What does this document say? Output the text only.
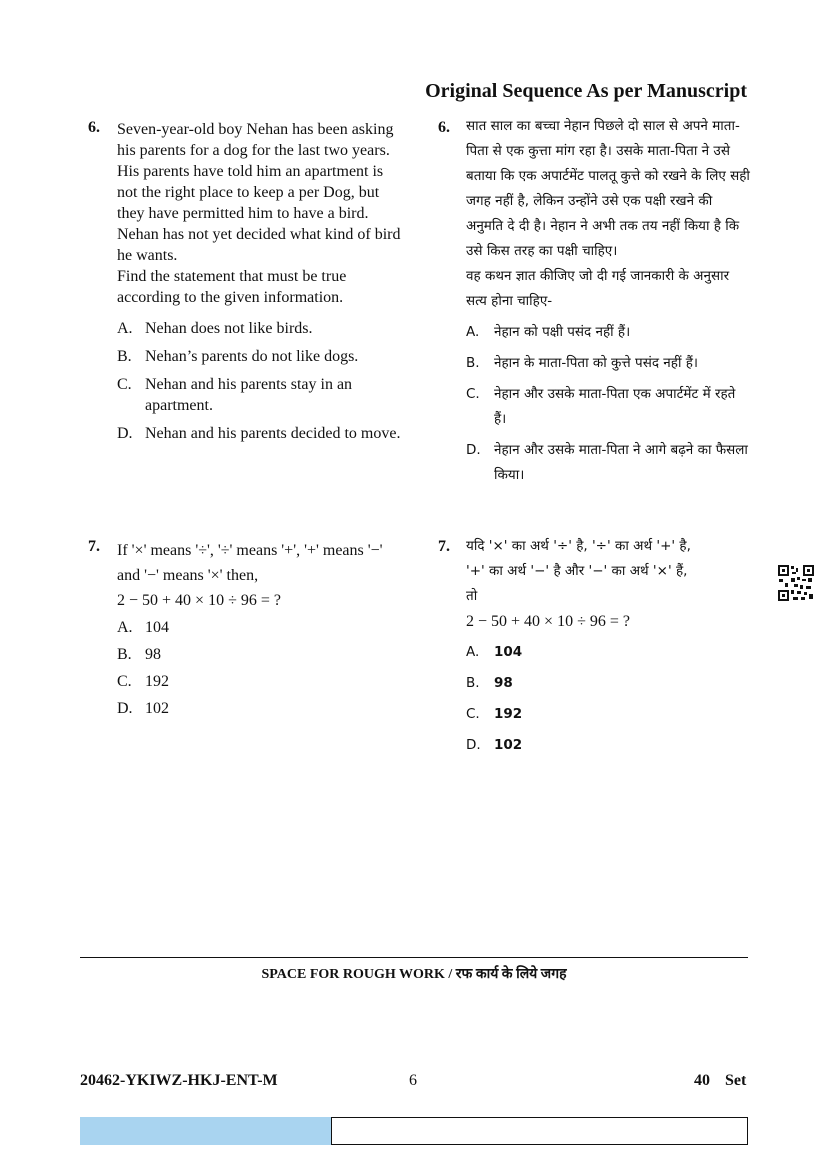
Original Sequence As per Manuscript
6. Seven-year-old boy Nehan has been asking his parents for a dog for the last two years. His parents have told him an apartment is not the right place to keep a per Dog, but they have permitted him to have a bird. Nehan has not yet decided what kind of bird he wants.
Find the statement that must be true according to the given information.
A. Nehan does not like birds.
B. Nehan’s parents do not like dogs.
C. Nehan and his parents stay in an apartment.
D. Nehan and his parents decided to move.
6. सात साल का बच्चा नेहान पिछले दो साल से अपने माता-पिता से एक कुत्ता मांग रहा है। उसके माता-पिता ने उसे बताया कि एक अपार्टमेंट पालतू कुत्ते को रखने के लिए सही जगह नहीं है, लेकिन उन्होंने उसे एक पक्षी रखने की अनुमति दे दी है। नेहान ने अभी तक तय नहीं किया है कि उसे किस तरह का पक्षी चाहिए।
वह कथन ज्ञात कीजिए जो दी गई जानकारी के अनुसार सत्य होना चाहिए-
A.	नेहान को पक्षी पसंद नहीं हैं।
B.	नेहान के माता-पिता को कुत्ते पसंद नहीं हैं।
C.	नेहान और उसके माता-पिता एक अपार्टमेंट में रहते हैं।
D. नेहान और उसके माता-पिता ने आगे बढ़ने का फैसला किया।
7. If '×' means '÷', '÷' means '+', '+' means '−' and '−' means '×' then,
2 − 50 + 40 × 10 ÷ 96 = ?
A. 104
B. 98
C. 192
D. 102
7. यदि '×' का अर्थ '÷' है, '÷' का अर्थ '+' है,
'+' का अर्थ '−' है और '−' का अर्थ '×' हैं,
तो
2 − 50 + 40 × 10 ÷ 96 = ?
A.	104
B.	98
C.	192
D. 102
SPACE FOR ROUGH WORK / रफ कार्य के लिये जगह
20462-YKIWZ-HKJ-ENT-M	6	40 Set
